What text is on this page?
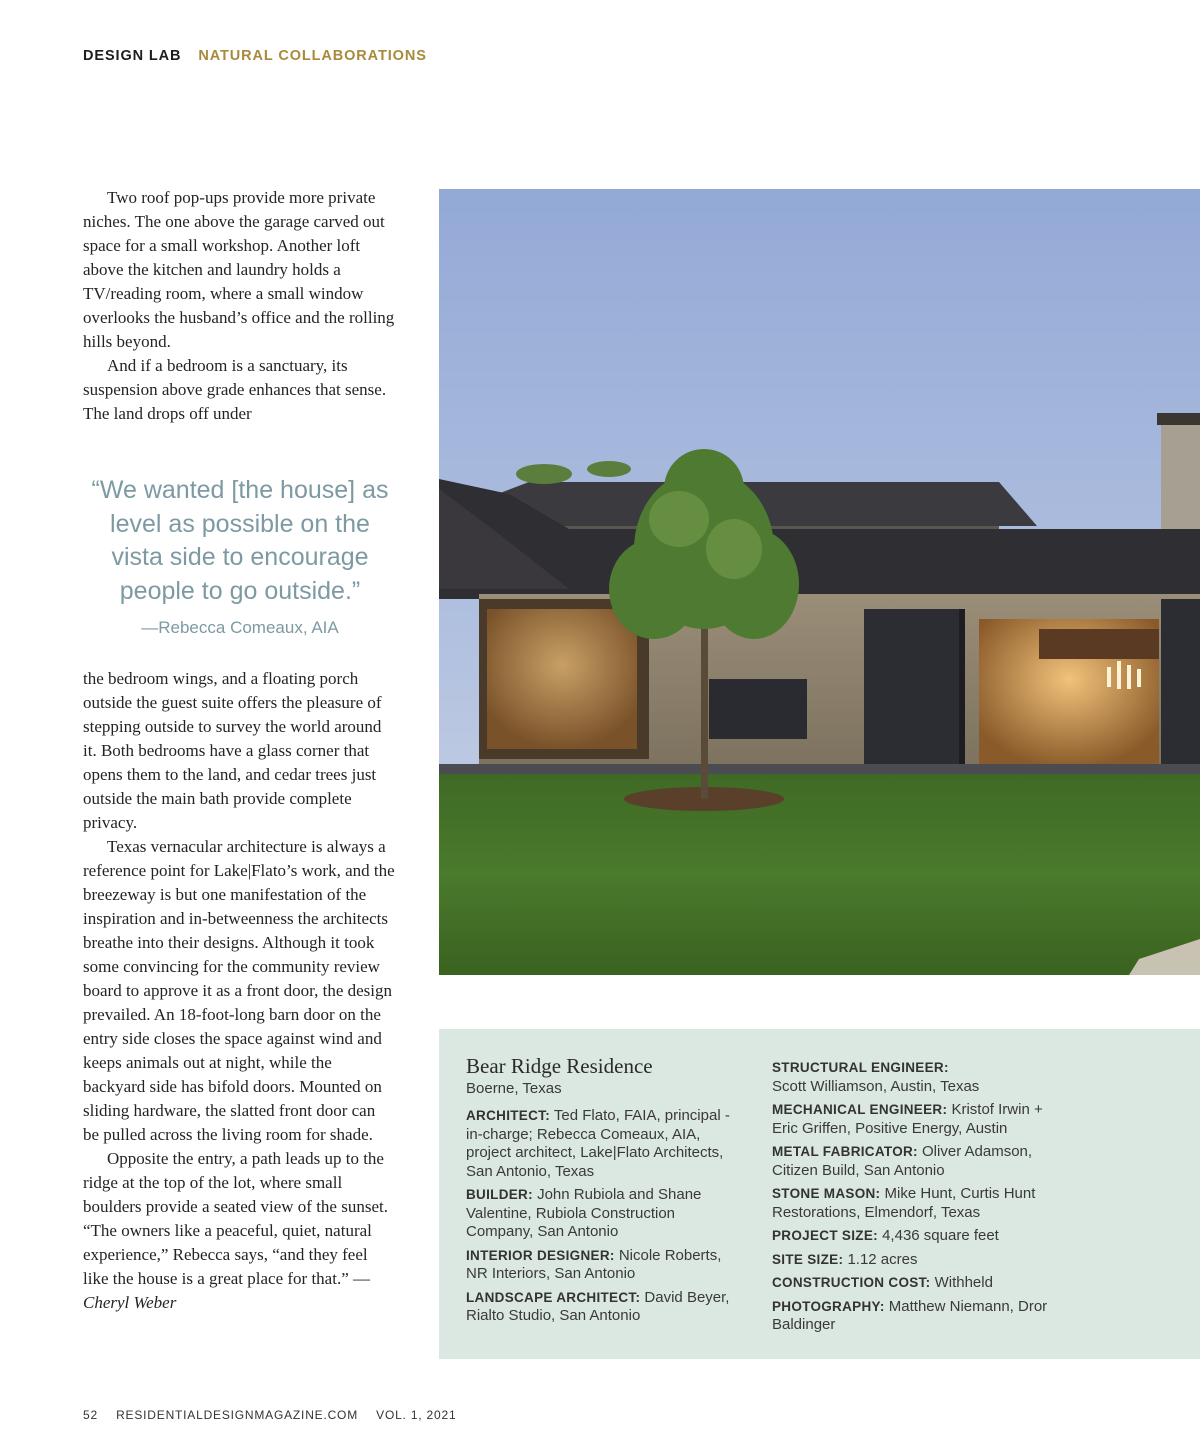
DESIGN LAB NATURAL COLLABORATIONS

Two roof pop-ups provide more private niches. The one above the garage carved out space for a small workshop. Another loft above the kitchen and laundry holds a TV/reading room, where a small window overlooks the husband’s office and the rolling hills beyond.

And if a bedroom is a sanctuary, its suspension above grade enhances that sense. The land drops off under

“We wanted [the house] as level as possible on the vista side to encourage people to go outside.”
—Rebecca Comeaux, AIA

the bedroom wings, and a floating porch outside the guest suite offers the pleasure of stepping outside to survey the world around it. Both bedrooms have a glass corner that opens them to the land, and cedar trees just outside the main bath provide complete privacy.

Texas vernacular architecture is always a reference point for Lake|Flato’s work, and the breezeway is but one manifestation of the inspiration and in-betweenness the architects breathe into their designs. Although it took some convincing for the community review board to approve it as a front door, the design prevailed. An 18-foot-long barn door on the entry side closes the space against wind and keeps animals out at night, while the backyard side has bifold doors. Mounted on sliding hardware, the slatted front door can be pulled across the living room for shade.

Opposite the entry, a path leads up to the ridge at the top of the lot, where small boulders provide a seated view of the sunset. “The owners like a peaceful, quiet, natural experience,” Rebecca says, “and they feel like the house is a great place for that.” —Cheryl Weber

Bear Ridge Residence
Boerne, Texas
ARCHITECT: Ted Flato, FAIA, principal -in-charge; Rebecca Comeaux, AIA, project architect, Lake|Flato Architects, San Antonio, Texas
BUILDER: John Rubiola and Shane Valentine, Rubiola Construction Company, San Antonio
INTERIOR DESIGNER: Nicole Roberts, NR Interiors, San Antonio
LANDSCAPE ARCHITECT: David Beyer, Rialto Studio, San Antonio
STRUCTURAL ENGINEER:
Scott Williamson, Austin, Texas
MECHANICAL ENGINEER: Kristof Irwin + Eric Griffen, Positive Energy, Austin
METAL FABRICATOR: Oliver Adamson, Citizen Build, San Antonio
STONE MASON: Mike Hunt, Curtis Hunt Restorations, Elmendorf, Texas
PROJECT SIZE: 4,436 square feet
SITE SIZE: 1.12 acres
CONSTRUCTION COST: Withheld
PHOTOGRAPHY: Matthew Niemann, Dror Baldinger
52 RESIDENTIALDESIGNMAGAZINE.COM VOL. 1, 2021
